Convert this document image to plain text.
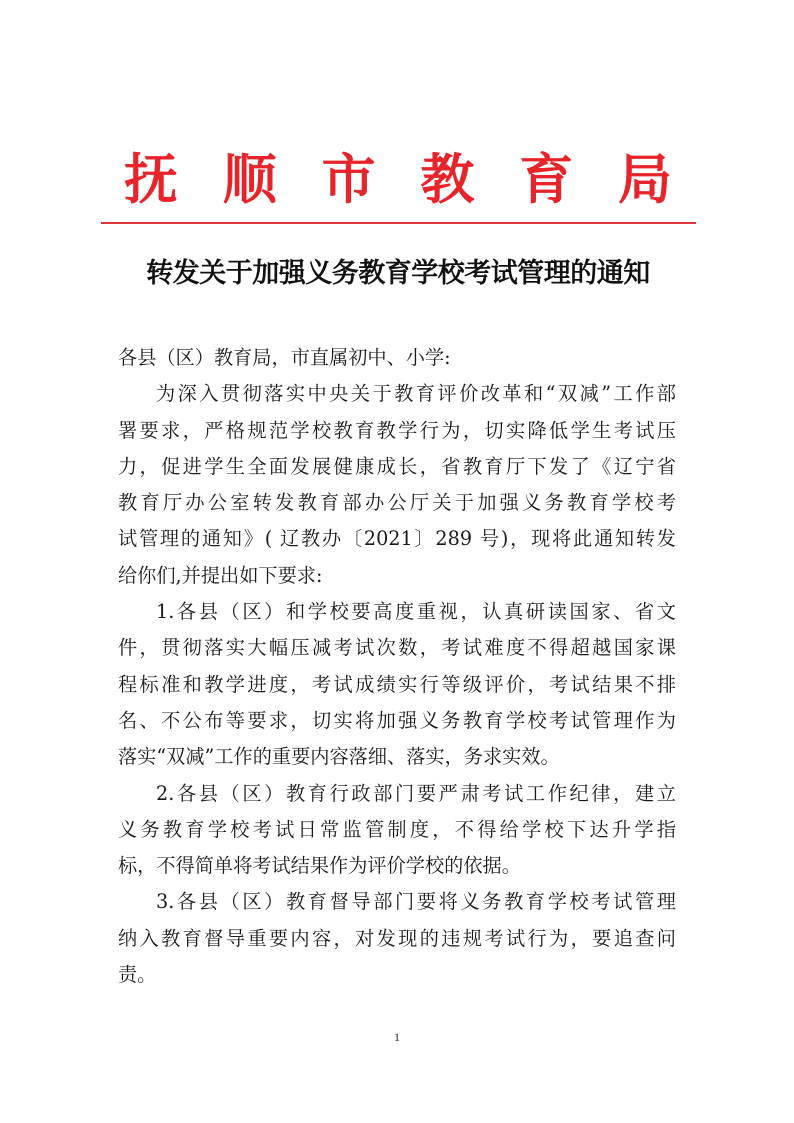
抚 顺 市 教 育 局
转发关于加强义务教育学校考试管理的通知
各县（区）教育局，市直属初中、小学:
为深入贯彻落实中央关于教育评价改革和“双减”工作部
署要求，严格规范学校教育教学行为，切实降低学生考试压
力，促进学生全面发展健康成长，省教育厅下发了《辽宁省
教育厅办公室转发教育部办公厅关于加强义务教育学校考
试管理的通知》( 辽教办〔2021〕289 号)，现将此通知转发
给你们,并提出如下要求:
1.各县（区）和学校要高度重视，认真研读国家、省文
件，贯彻落实大幅压减考试次数，考试难度不得超越国家课
程标准和教学进度，考试成绩实行等级评价，考试结果不排
名、不公布等要求，切实将加强义务教育学校考试管理作为
落实“双减”工作的重要内容落细、落实，务求实效。
2.各县（区）教育行政部门要严肃考试工作纪律，建立
义务教育学校考试日常监管制度，不得给学校下达升学指
标，不得简单将考试结果作为评价学校的依据。
3.各县（区）教育督导部门要将义务教育学校考试管理
纳入教育督导重要内容，对发现的违规考试行为，要追查问
责。
1
